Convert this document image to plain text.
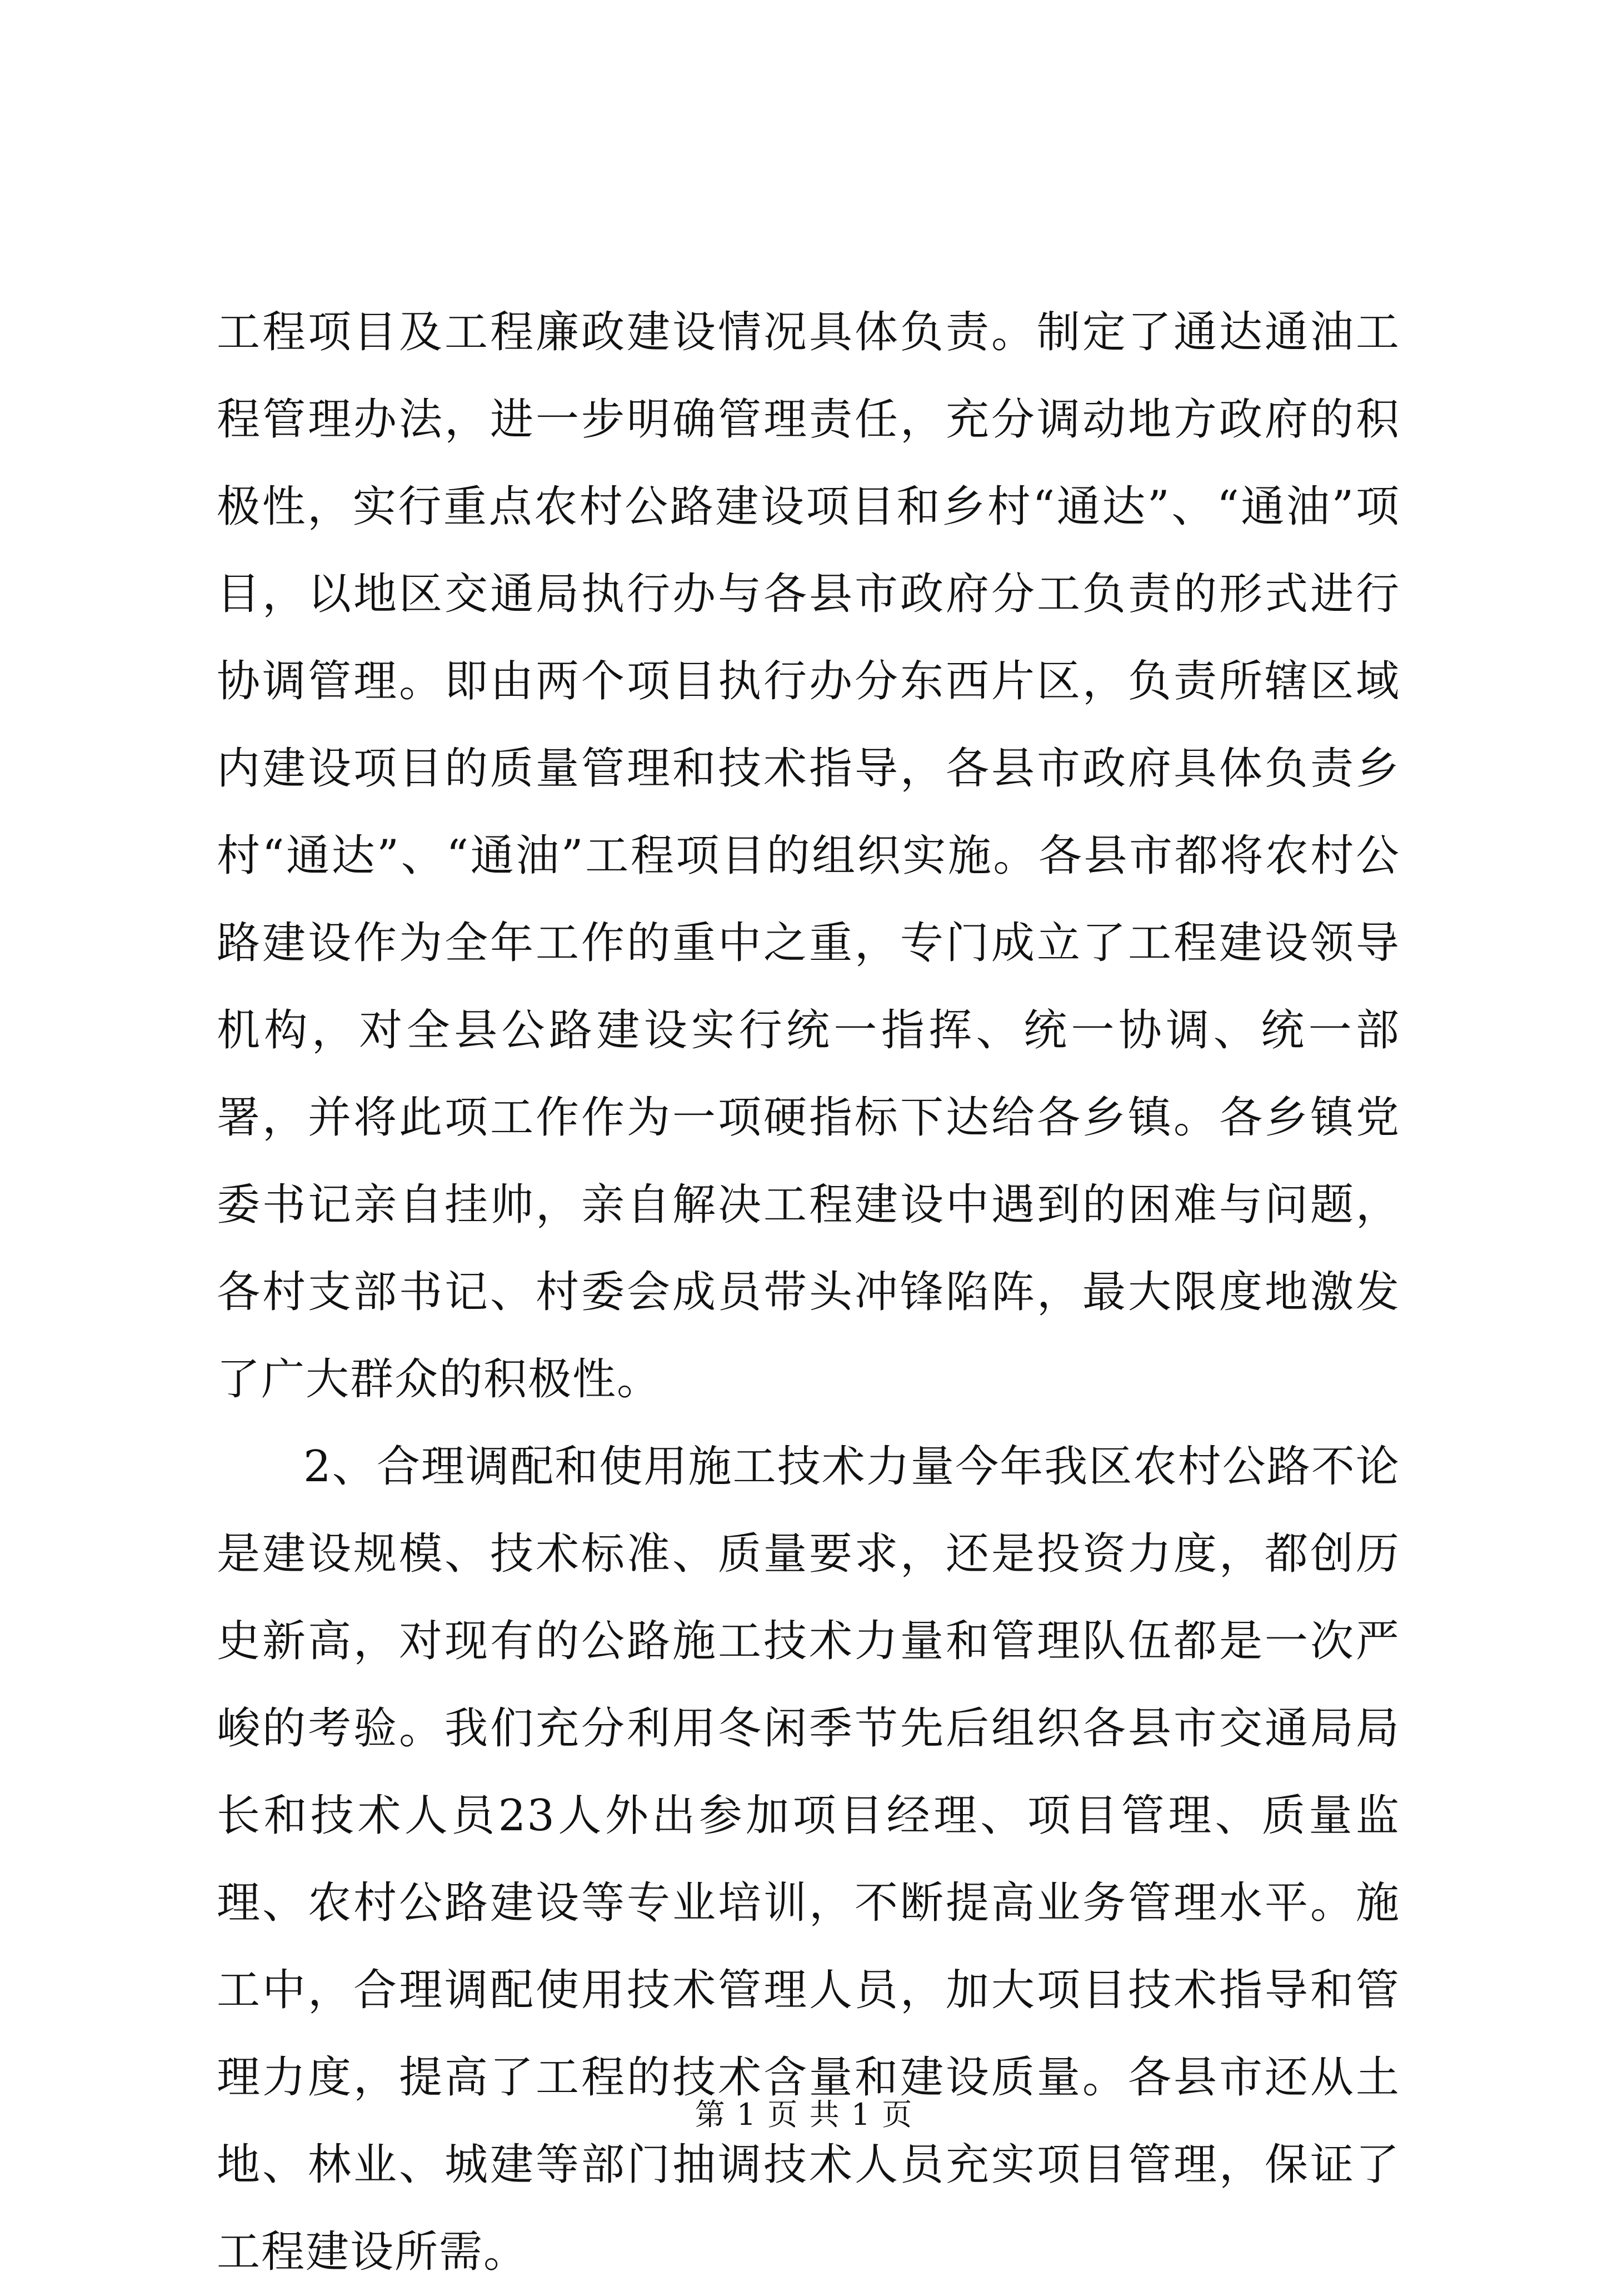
工程项目及工程廉政建设情况具体负责。制定了通达通油工程管理办法，进一步明确管理责任，充分调动地方政府的积极性，实行重点农村公路建设项目和乡村“通达”、“通油”项目，以地区交通局执行办与各县市政府分工负责的形式进行协调管理。即由两个项目执行办分东西片区，负责所辖区域内建设项目的质量管理和技术指导，各县市政府具体负责乡村“通达”、“通油”工程项目的组织实施。各县市都将农村公路建设作为全年工作的重中之重，专门成立了工程建设领导机构，对全县公路建设实行统一指挥、统一协调、统一部署，并将此项工作作为一项硬指标下达给各乡镇。各乡镇党委书记亲自挂帅，亲自解决工程建设中遇到的困难与问题，各村支部书记、村委会成员带头冲锋陷阵，最大限度地激发了广大群众的积极性。

2、合理调配和使用施工技术力量今年我区农村公路不论是建设规模、技术标准、质量要求，还是投资力度，都创历史新高，对现有的公路施工技术力量和管理队伍都是一次严峻的考验。我们充分利用冬闲季节先后组织各县市交通局局长和技术人员23人外出参加项目经理、项目管理、质量监理、农村公路建设等专业培训，不断提高业务管理水平。施工中，合理调配使用技术管理人员，加大项目技术指导和管理力度，提高了工程的技术含量和建设质量。各县市还从土地、林业、城建等部门抽调技术人员充实项目管理，保证了工程建设所需。

第 1 页 共 1 页
